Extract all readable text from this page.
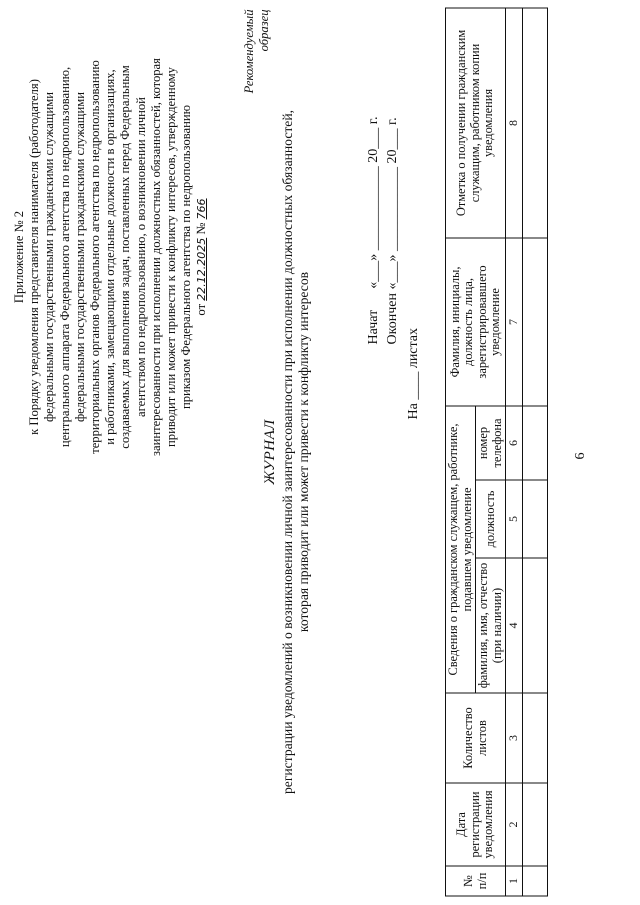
6
Приложение № 2 к Порядку уведомления представителя нанимателя (работодателя) федеральными государственными гражданскими служащими центрального аппарата Федерального агентства по недропользованию, федеральными государственными гражданскими служащими территориальных органов Федерального агентства по недропользованию и работниками, замещающими отдельные должности в организациях, создаваемых для выполнения задач, поставленных перед Федеральным агентством по недропользованию, о возникновении личной заинтересованности при исполнении должностных обязанностей, которая приводит или может привести к конфликту интересов, утвержденному приказом Федерального агентства по недропользованию от 22.12.2025 № 766
Рекомендуемый образец
ЖУРНАЛ регистрации уведомлений о возникновении личной заинтересованности при исполнении должностных обязанностей, которая приводит или может привести к конфликту интересов	Начат  «___» ____________ 20___ г.
Окончен «___» ____________ 20___ г.
На ____ листах
№ п/п	Дата регистрации уведомления	Количество листов	Сведения о гражданском служащем, работнике, подавшем уведомление			Фамилия, инициалы, должность лица, зарегистрировавшего уведомление	Отметка о получении гражданским служащим, работником копии уведомления
			фамилия, имя, отчество (при наличии)	должность	номер телефона		
1	2	3	4	5	6	7	8
